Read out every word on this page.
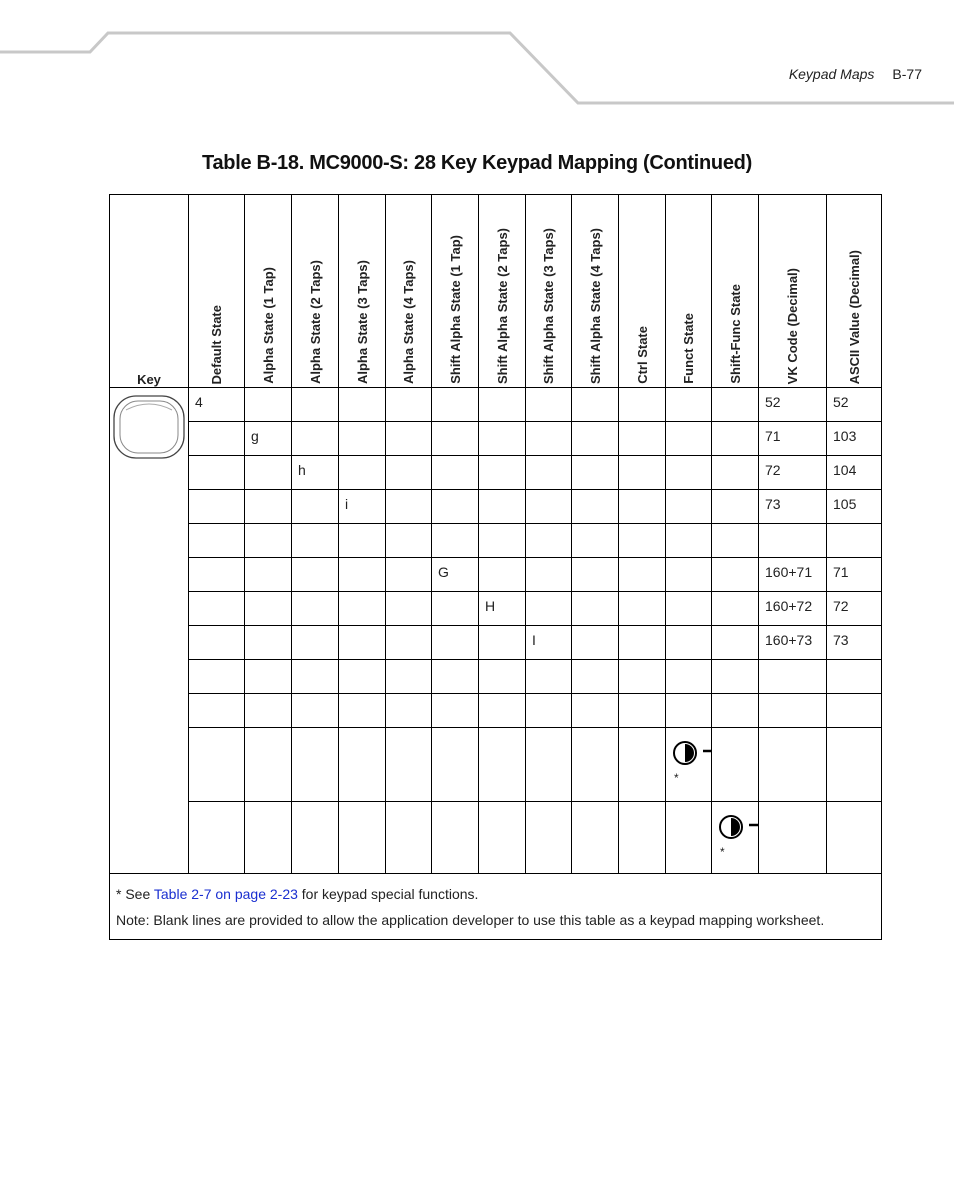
Keypad Maps B-77
Table B-18. MC9000-S: 28 Key Keypad Mapping (Continued)
Key	Default State	Alpha State (1 Tap)	Alpha State (2 Taps)	Alpha State (3 Taps)	Alpha State (4 Taps)	Shift Alpha State (1 Tap)	Shift Alpha State (2 Taps)	Shift Alpha State (3 Taps)	Shift Alpha State (4 Taps)	Ctrl State	Funct State	Shift-Func State	VK Code (Decimal)	ASCII Value (Decimal)

	4												52	52
		g											71	103
			h										72	104
				i									73	105

						G							160+71	71
							H						160+72	72
								I					160+73	73

											*			

												*		

* See Table 2-7 on page 2-23 for keypad special functions.
Note: Blank lines are provided to allow the application developer to use this table as a keypad mapping worksheet.														
